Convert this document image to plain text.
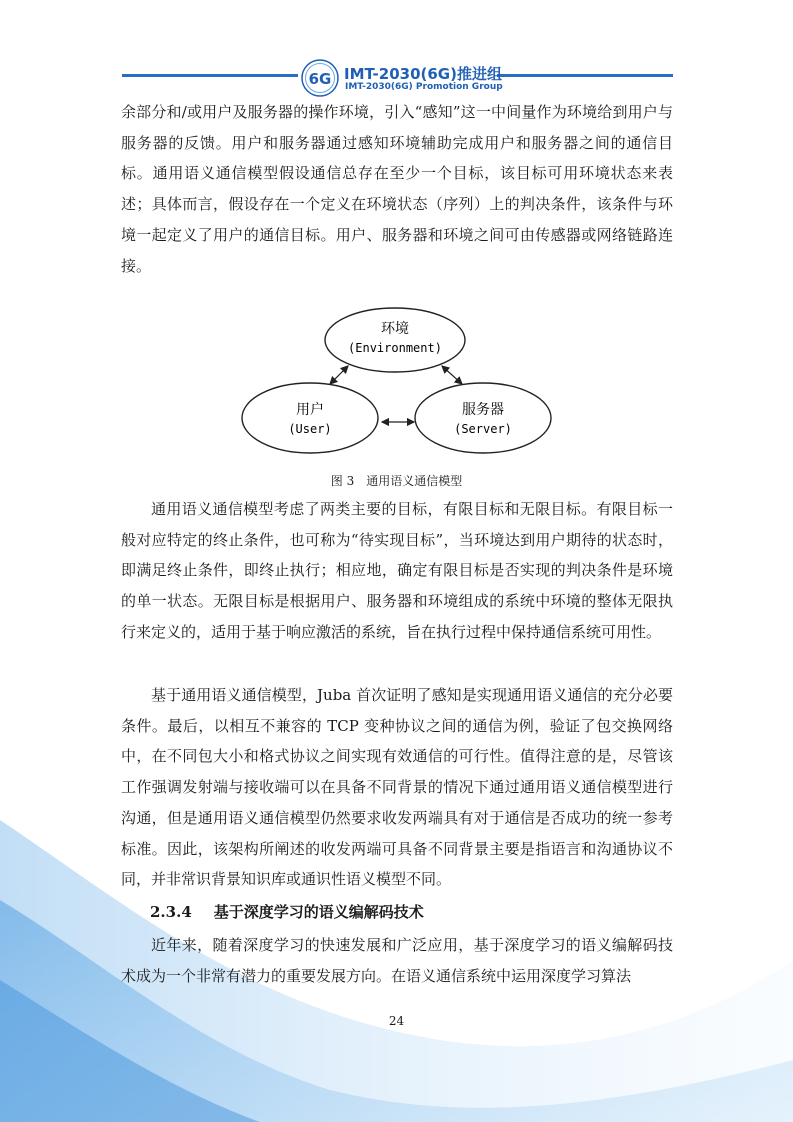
6G IMT-2030(6G)推进组
IMT-2030(6G) Promotion Group

余部分和/或用户及服务器的操作环境，引入“感知”这一中间量作为环境给到用户与服务器的反馈。用户和服务器通过感知环境辅助完成用户和服务器之间的通信目标。通用语义通信模型假设通信总存在至少一个目标，该目标可用环境状态来表述；具体而言，假设存在一个定义在环境状态（序列）上的判决条件，该条件与环境一起定义了用户的通信目标。用户、服务器和环境之间可由传感器或网络链路连接。

环境
(Environment)
用户
(User)
服务器
(Server)
图 3　通用语义通信模型

通用语义通信模型考虑了两类主要的目标，有限目标和无限目标。有限目标一般对应特定的终止条件，也可称为“待实现目标”，当环境达到用户期待的状态时，即满足终止条件，即终止执行；相应地，确定有限目标是否实现的判决条件是环境的单一状态。无限目标是根据用户、服务器和环境组成的系统中环境的整体无限执行来定义的，适用于基于响应激活的系统，旨在执行过程中保持通信系统可用性。

基于通用语义通信模型，Juba 首次证明了感知是实现通用语义通信的充分必要条件。最后，以相互不兼容的 TCP 变种协议之间的通信为例，验证了包交换网络中，在不同包大小和格式协议之间实现有效通信的可行性。值得注意的是，尽管该工作强调发射端与接收端可以在具备不同背景的情况下通过通用语义通信模型进行沟通，但是通用语义通信模型仍然要求收发两端具有对于通信是否成功的统一参考标准。因此，该架构所阐述的收发两端可具备不同背景主要是指语言和沟通协议不同，并非常识背景知识库或通识性语义模型不同。

2.3.4 基于深度学习的语义编解码技术

近年来，随着深度学习的快速发展和广泛应用，基于深度学习的语义编解码技术成为一个非常有潜力的重要发展方向。在语义通信系统中运用深度学习算法

24
